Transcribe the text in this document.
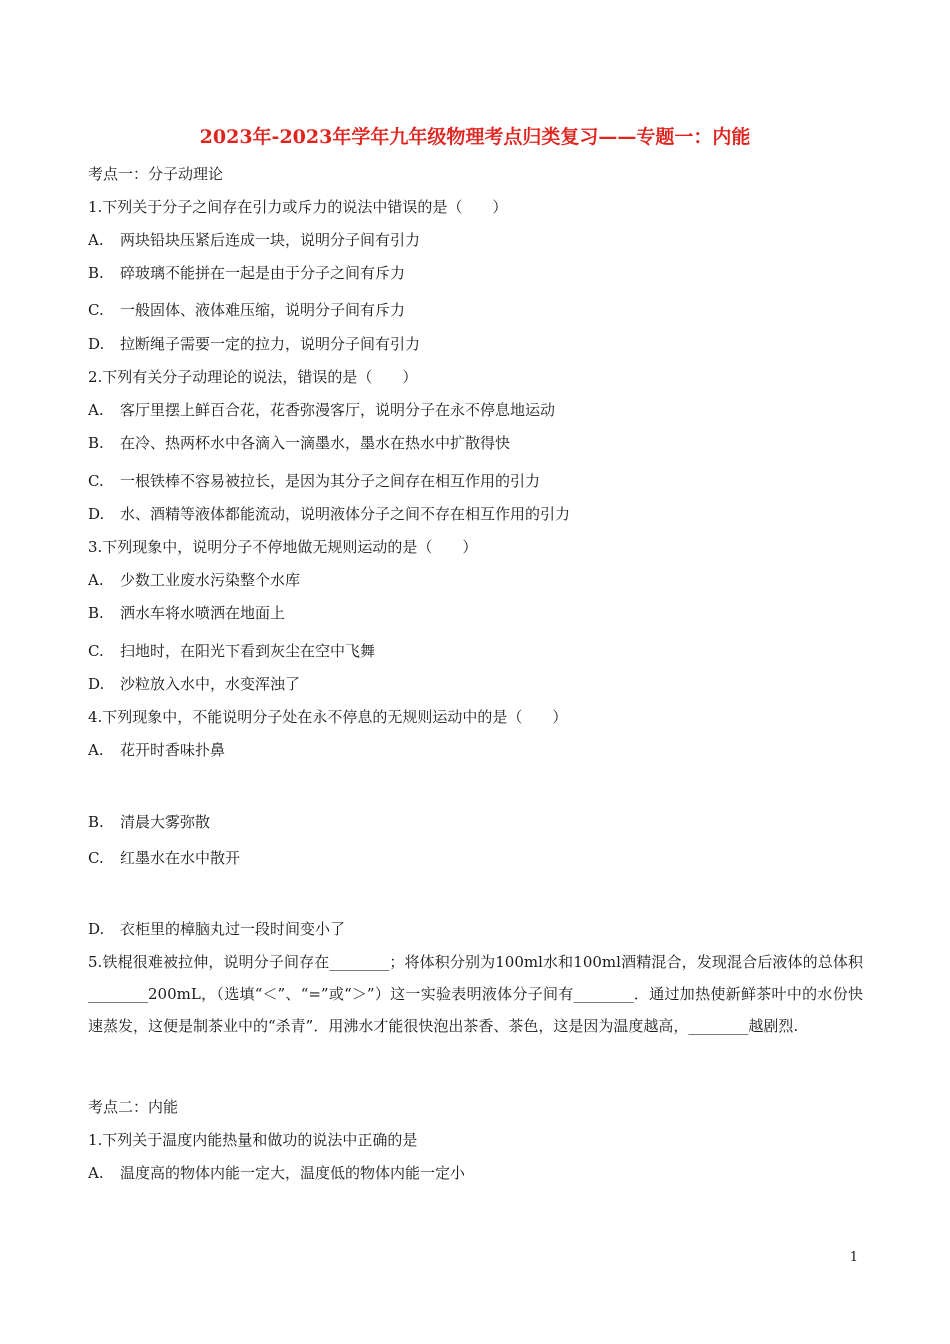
2023年-2023年学年九年级物理考点归类复习——专题一：内能
考点一：分子动理论
1.下列关于分子之间存在引力或斥力的说法中错误的是（　　）
A. 两块铅块压紧后连成一块，说明分子间有引力
B. 碎玻璃不能拼在一起是由于分子之间有斥力
C. 一般固体、液体难压缩，说明分子间有斥力
D. 拉断绳子需要一定的拉力，说明分子间有引力
2.下列有关分子动理论的说法，错误的是（　　）
A. 客厅里摆上鲜百合花，花香弥漫客厅，说明分子在永不停息地运动
B. 在冷、热两杯水中各滴入一滴墨水，墨水在热水中扩散得快
C. 一根铁棒不容易被拉长，是因为其分子之间存在相互作用的引力
D. 水、酒精等液体都能流动，说明液体分子之间不存在相互作用的引力
3.下列现象中，说明分子不停地做无规则运动的是（　　）
A. 少数工业废水污染整个水库
B. 洒水车将水喷洒在地面上
C. 扫地时，在阳光下看到灰尘在空中飞舞
D. 沙粒放入水中，水变浑浊了
4.下列现象中，不能说明分子处在永不停息的无规则运动中的是（　　）
A. 花开时香味扑鼻
B. 清晨大雾弥散
C. 红墨水在水中散开
D. 衣柜里的樟脑丸过一段时间变小了
5.铁棍很难被拉伸，说明分子间存在________；将体积分别为100ml水和100ml酒精混合，发现混合后液体的总体积________200mL，（选填“＜”、“=”或“＞”）这一实验表明液体分子间有________．通过加热使新鲜茶叶中的水份快速蒸发，这便是制茶业中的“杀青”．用沸水才能很快泡出茶香、茶色，这是因为温度越高，________越剧烈.
考点二：内能
1.下列关于温度内能热量和做功的说法中正确的是
A. 温度高的物体内能一定大，温度低的物体内能一定小
1
